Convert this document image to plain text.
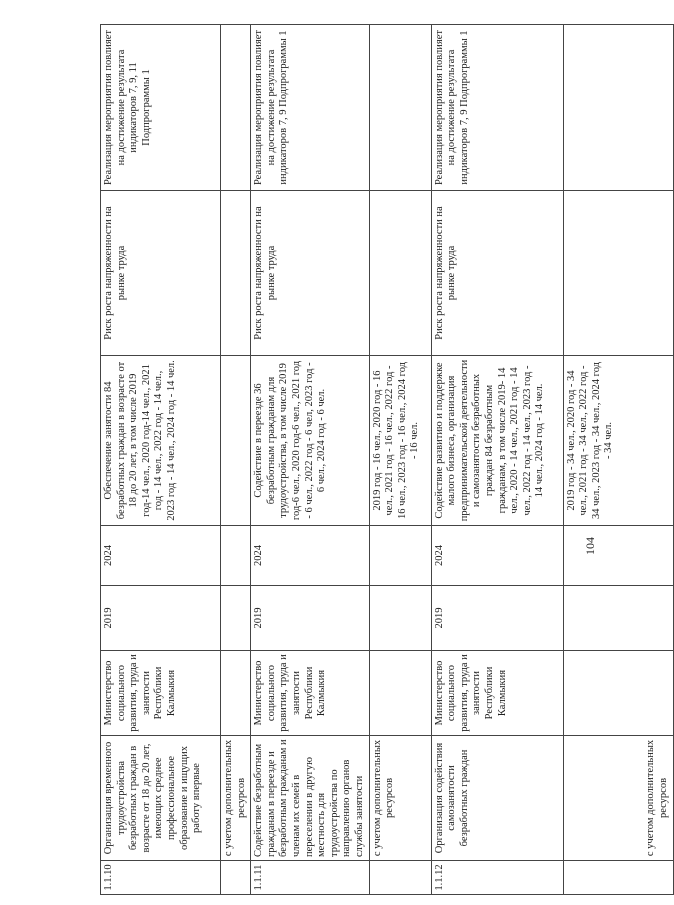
1.1.10	Организация временного трудоустройства безработных граждан в возрасте от 18 до 20 лет, имеющих среднее профессиональное образование и ищущих работу впервые	Министерство социального развития, труда и занятости Республики Калмыкия	2019	2024	Обеспечение занятости 84 безработных граждан в возрасте от 18 до 20 лет, в том числе 2019 год-14 чел., 2020 год-14 чел., 2021 год - 14 чел., 2022 год - 14 чел., 2023 год - 14 чел., 2024 год - 14 чел.	Риск роста напряженности на рынке труда	Реализация мероприятия повлияет на достижение результата индикаторов 7, 9, 11 Подпрограммы 1
	с учетом дополнительных ресурсов						
1.1.11	Содействие безработным гражданам в переезде и безработным гражданам и членам их семей в переселении в другую местность для трудоустройства по направлению органов службы занятости	Министерство социального развития, труда и занятости Республики Калмыкия	2019	2024	Содействие в переезде 36 безработным гражданам для трудоустройства, в том числе 2019 год-6 чел., 2020 год-6 чел., 2021 год - 6 чел., 2022 год - 6 чел, 2023 год - 6 чел., 2024 год - 6 чел.	Риск роста напряженности на рынке труда	Реализация мероприятия повлияет на достижение результата индикаторов 7, 9 Подпрограммы 1
	с учетом дополнительных ресурсов				2019 год - 16 чел., 2020 год - 16 чел., 2021 год - 16 чел., 2022 год - 16 чел., 2023 год - 16 чел., 2024 год - 16 чел.		
1.1.12	Организация содействия самозанятости безработных граждан	Министерство социального развития, труда и занятости Республики Калмыкия	2019	2024	Содействие развитию и поддержке малого бизнеса, организация предпринимательской деятельности и самозанятости безработных граждан 84 безработным гражданам, в том числе 2019- 14 чел., 2020 - 14 чел., 2021 год - 14 чел., 2022 год - 14 чел., 2023 год - 14 чел., 2024 год - 14 чел.	Риск роста напряженности на рынке труда	Реализация мероприятия повлияет на достижение результата индикаторов 7, 9 Подпрограммы 1
	с учетом дополнительных ресурсов				2019 год - 34 чел., 2020 год - 34 чел., 2021 год - 34 чел., 2022 год - 34 чел., 2023 год - 34 чел., 2024 год - 34 чел.		
104
